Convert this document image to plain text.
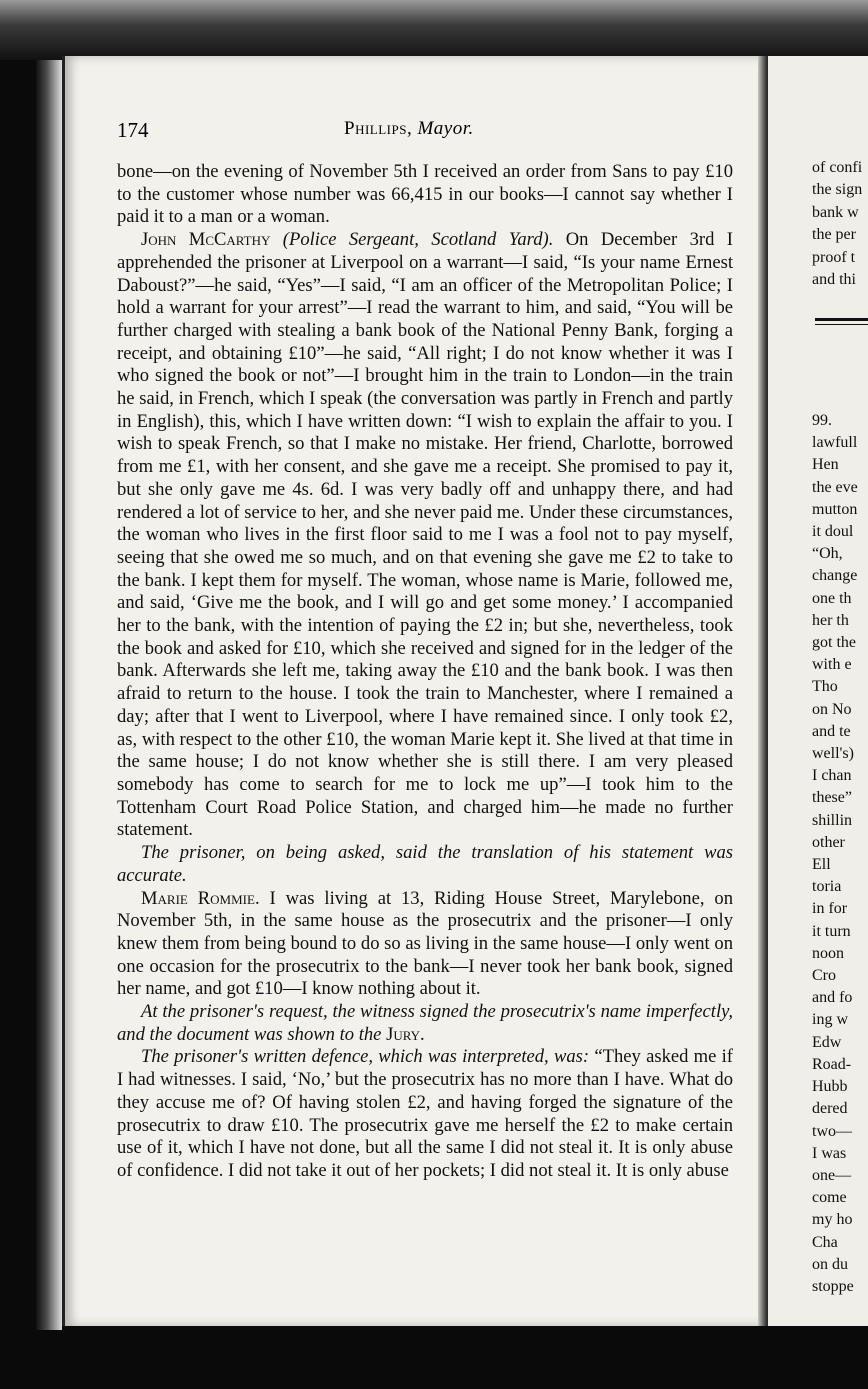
174	Phillips, Mayor.

bone—on the evening of November 5th I received an order from Sans to pay £10 to the customer whose number was 66,415 in our books—I cannot say whether I paid it to a man or a woman.

John McCarthy (Police Sergeant, Scotland Yard). On December 3rd I apprehended the prisoner at Liverpool on a warrant—I said, “Is your name Ernest Daboust?”—he said, “Yes”—I said, “I am an officer of the Metropolitan Police; I hold a warrant for your arrest”—I read the warrant to him, and said, “You will be further charged with stealing a bank book of the National Penny Bank, forging a receipt, and obtaining £10”—he said, “All right; I do not know whether it was I who signed the book or not”—I brought him in the train to London—in the train he said, in French, which I speak (the conversation was partly in French and partly in English), this, which I have written down: “I wish to explain the affair to you. I wish to speak French, so that I make no mistake. Her friend, Charlotte, borrowed from me £1, with her consent, and she gave me a receipt. She promised to pay it, but she only gave me 4s. 6d. I was very badly off and unhappy there, and had rendered a lot of service to her, and she never paid me. Under these circumstances, the woman who lives in the first floor said to me I was a fool not to pay myself, seeing that she owed me so much, and on that evening she gave me £2 to take to the bank. I kept them for myself. The woman, whose name is Marie, followed me, and said, ‘Give me the book, and I will go and get some money.’ I accompanied her to the bank, with the intention of paying the £2 in; but she, nevertheless, took the book and asked for £10, which she received and signed for in the ledger of the bank. Afterwards she left me, taking away the £10 and the bank book. I was then afraid to return to the house. I took the train to Manchester, where I remained a day; after that I went to Liverpool, where I have remained since. I only took £2, as, with respect to the other £10, the woman Marie kept it. She lived at that time in the same house; I do not know whether she is still there. I am very pleased somebody has come to search for me to lock me up”—I took him to the Tottenham Court Road Police Station, and charged him—he made no further statement.

The prisoner, on being asked, said the translation of his statement was accurate.

Marie Rommie. I was living at 13, Riding House Street, Marylebone, on November 5th, in the same house as the prosecutrix and the prisoner—I only knew them from being bound to do so as living in the same house—I only went on one occasion for the prosecutrix to the bank—I never took her bank book, signed her name, and got £10—I know nothing about it.

At the prisoner's request, the witness signed the prosecutrix's name imperfectly, and the document was shown to the Jury.

The prisoner's written defence, which was interpreted, was: “They asked me if I had witnesses. I said, ‘No,’ but the prosecutrix has no more than I have. What do they accuse me of? Of having stolen £2, and having forged the signature of the prosecutrix to draw £10. The prosecutrix gave me herself the £2 to make certain use of it, which I have not done, but all the same I did not steal it. It is only abuse of confidence. I did not take it out of her pockets; I did not steal it. It is only abuse

of confi
the sign
bank w
the per
proof t
and thi
99.
lawfull
Hen
the eve
mutton
it doul
“Oh,
change
one th
her th
got the
with e
Tho
on No
and te
well's)
I chan
these”
shillin
other
Ell
toria
in for
it turn
noon
Cro
and fo
ing w
Edw
Road-
Hubb
dered
two—
I was
one—
come
my ho
Cha
on du
stoppe
